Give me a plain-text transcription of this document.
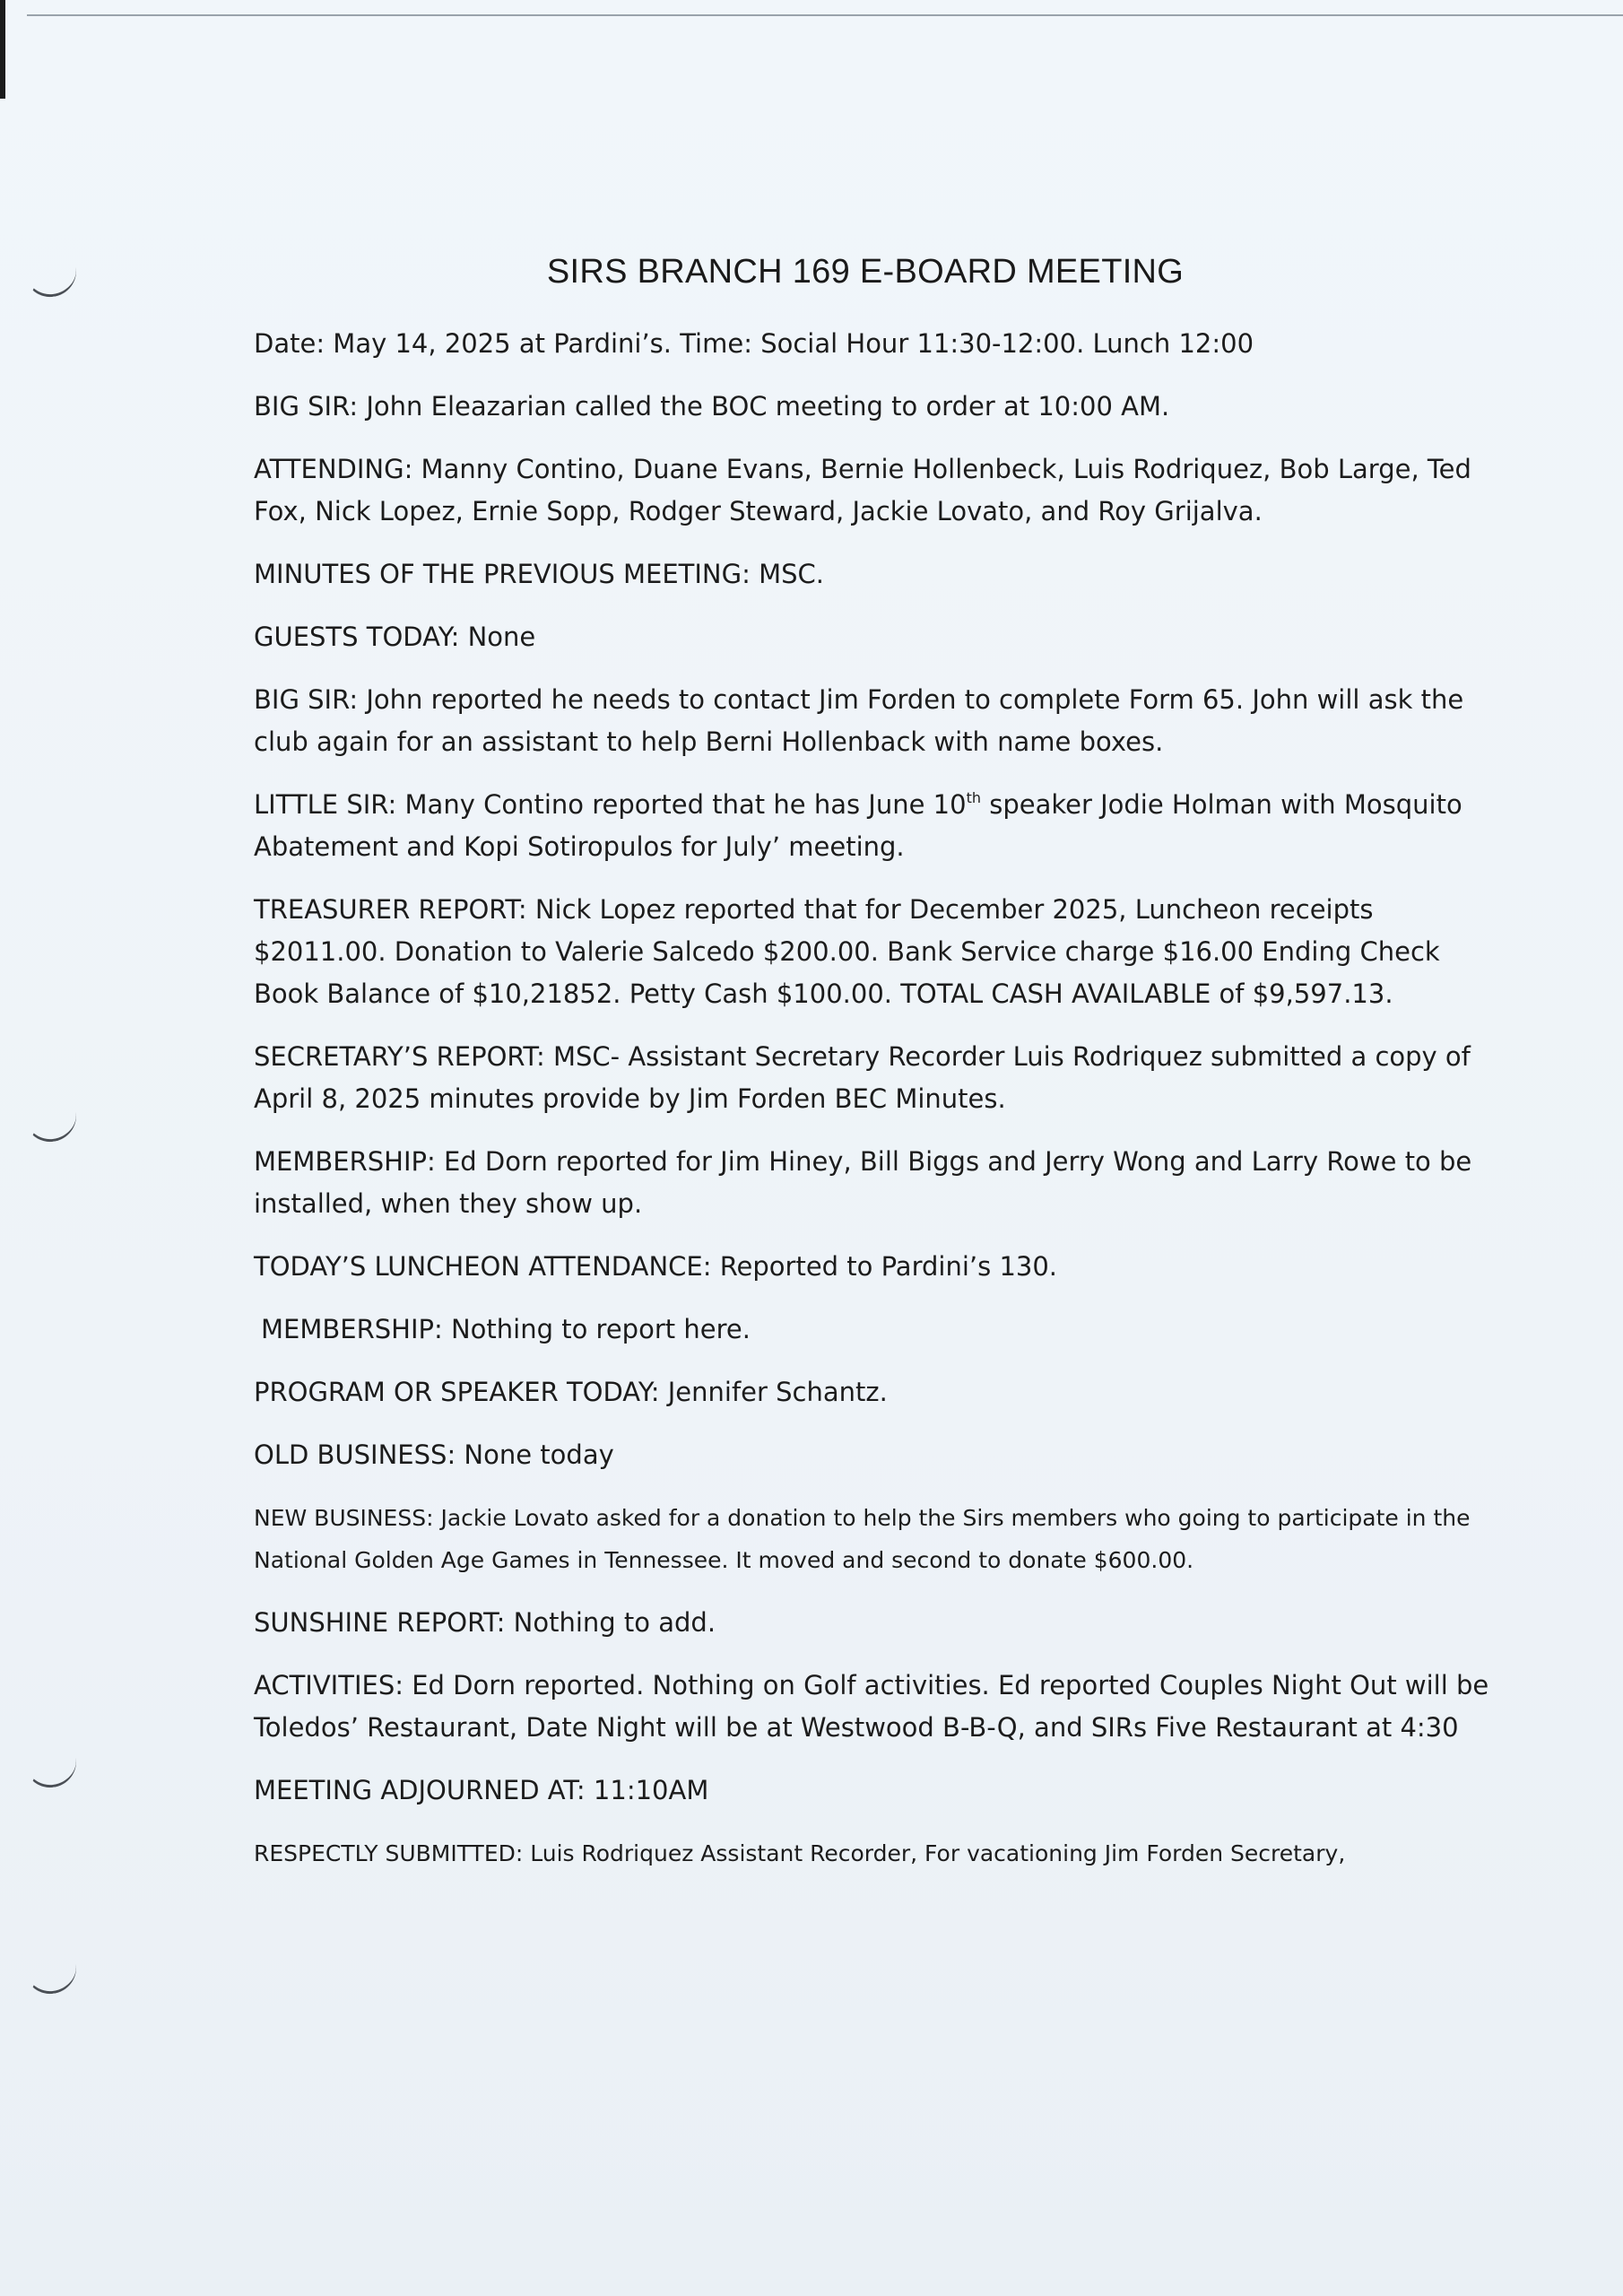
SIRS BRANCH 169 E-BOARD MEETING

Date: May 14, 2025 at Pardini’s. Time: Social Hour 11:30-12:00. Lunch 12:00

BIG SIR: John Eleazarian called the BOC meeting to order at 10:00 AM.

ATTENDING: Manny Contino, Duane Evans, Bernie Hollenbeck, Luis Rodriquez, Bob Large, Ted Fox, Nick Lopez, Ernie Sopp, Rodger Steward, Jackie Lovato, and Roy Grijalva.

MINUTES OF THE PREVIOUS MEETING: MSC.

GUESTS TODAY: None

BIG SIR: John reported he needs to contact Jim Forden to complete Form 65. John will ask the club again for an assistant to help Berni Hollenback with name boxes.

LITTLE SIR: Many Contino reported that he has June 10th speaker Jodie Holman with Mosquito Abatement and Kopi Sotiropulos for July’ meeting.

TREASURER REPORT: Nick Lopez reported that for December 2025, Luncheon receipts $2011.00. Donation to Valerie Salcedo $200.00. Bank Service charge $16.00 Ending Check Book Balance of $10,21852. Petty Cash $100.00. TOTAL CASH AVAILABLE of $9,597.13.

SECRETARY’S REPORT: MSC- Assistant Secretary Recorder Luis Rodriquez submitted a copy of April 8, 2025 minutes provide by Jim Forden BEC Minutes.

MEMBERSHIP: Ed Dorn reported for Jim Hiney, Bill Biggs and Jerry Wong and Larry Rowe to be installed, when they show up.

TODAY’S LUNCHEON ATTENDANCE: Reported to Pardini’s 130.

MEMBERSHIP: Nothing to report here.

PROGRAM OR SPEAKER TODAY: Jennifer Schantz.

OLD BUSINESS: None today

NEW BUSINESS: Jackie Lovato asked for a donation to help the Sirs members who going to participate in the National Golden Age Games in Tennessee. It moved and second to donate $600.00.

SUNSHINE REPORT: Nothing to add.

ACTIVITIES: Ed Dorn reported. Nothing on Golf activities. Ed reported Couples Night Out will be Toledos’ Restaurant, Date Night will be at Westwood B-B-Q, and SIRs Five Restaurant at 4:30

MEETING ADJOURNED AT: 11:10AM

RESPECTLY SUBMITTED: Luis Rodriquez Assistant Recorder, For vacationing Jim Forden Secretary,
